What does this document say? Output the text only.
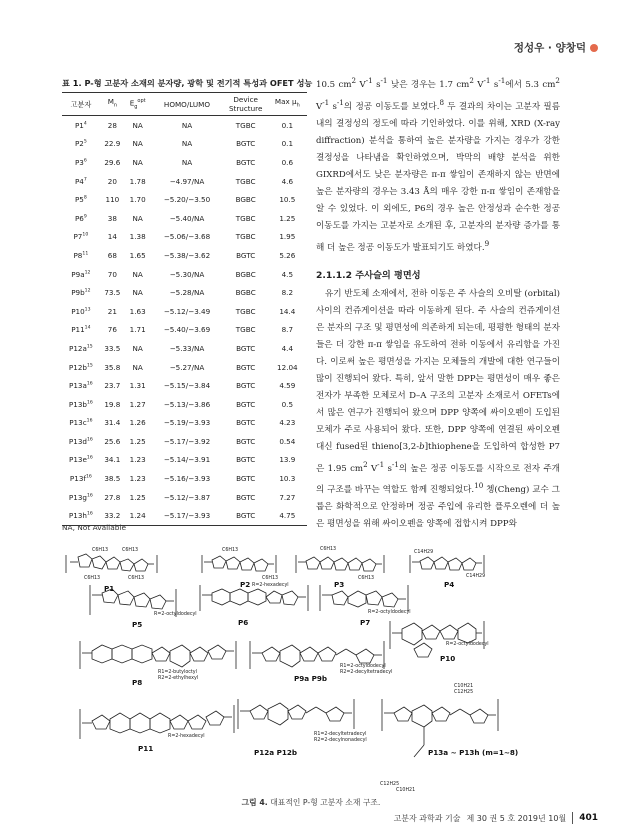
정성우 · 양창덕
표 1. P-형 고분자 소재의 분자량, 광학 및 전기적 특성과 OFET 성능
고분자	$M_n$	$E_g^{opt}$	HOMO/LUMO	Device Structure	Max $\mu_h$
$P1^4$	28	NA	NA	TGBC	0.1
$P2^5$	22.9	NA	NA	BGTC	0.1
$P3^6$	29.6	NA	NA	BGTC	0.6
$P4^7$	20	1.78	−4.97/NA	TGBC	4.6
$P5^8$	110	1.70	−5.20/−3.50	BGBC	10.5
$P6^9$	38	NA	−5.40/NA	TGBC	1.25
$P7^{10}$	14	1.38	−5.06/−3.68	TGBC	1.95
$P8^{11}$	68	1.65	−5.38/−3.62	BGTC	5.26
$P9a^{12}$	70	NA	−5.30/NA	BGBC	4.5
$P9b^{12}$	73.5	NA	−5.28/NA	BGBC	8.2
$P10^{13}$	21	1.63	−5.12/−3.49	TGBC	14.4
$P11^{14}$	76	1.71	−5.40/−3.69	TGBC	8.7
$P12a^{15}$	33.5	NA	−5.33/NA	BGTC	4.4
$P12b^{15}$	35.8	NA	−5.27/NA	BGTC	12.04
$P13a^{16}$	23.7	1.31	−5.15/−3.84	BGTC	4.59
$P13b^{16}$	19.8	1.27	−5.13/−3.86	BGTC	0.5
$P13c^{16}$	31.4	1.26	−5.19/−3.93	BGTC	4.23
$P13d^{16}$	25.6	1.25	−5.17/−3.92	BGTC	0.54
$P13e^{16}$	34.1	1.23	−5.14/−3.91	BGTC	13.9
$P13f^{16}$	38.5	1.23	−5.16/−3.93	BGTC	10.3
$P13g^{16}$	27.8	1.25	−5.12/−3.87	BGTC	7.27
$P13h^{16}$	33.2	1.24	−5.17/−3.93	BGTC	4.75
NA, Not Available

10.5 $cm^2$ $V^{-1}$ $s^{-1}$ 낮은 경우는 1.7 $cm^2$ $V^{-1}$ $s^{-1}$에서 5.3 $cm^2$ $V^{-1}$ $s^{-1}$의 정공 이동도를 보였다.$^8$ 두 결과의 차이는 고분자 필름 내의 결정성의 정도에 따라 기인하였다. 이를 위해, XRD (X-ray diffraction) 분석을 통하여 높은 분자량을 가지는 경우가 강한 결정성을 나타냄을 확인하였으며, 박막의 배향 분석을 위한 GIXRD에서도 낮은 분자량은 π-π 쌓임이 존재하지 않는 반면에 높은 분자량의 경우는 3.43 Å의 매우 강한 π-π 쌓임이 존재함을 알 수 있었다. 이 외에도, P6의 경우 높은 안정성과 순수한 정공 이동도를 가지는 고분자로 소개된 후, 고분자의 분자량 증가를 통해 더 높은 정공 이동도가 발표되기도 하였다.$^9$

2.1.1.2 주사슬의 평면성

유기 반도체 소재에서, 전하 이동은 주 사슬의 오비탈 (orbital) 사이의 컨쥬게이션을 따라 이동하게 된다. 주 사슬의 컨쥬게이션은 분자의 구조 및 평면성에 의존하게 되는데, 평평한 형태의 분자들은 더 강한 π-π 쌓임을 유도하여 전하 이동에서 유리함을 가진다. 이로써 높은 평면성을 가지는 모체들의 개발에 대한 연구들이 많이 진행되어 왔다. 특히, 앞서 말한 DPP는 평면성이 매우 좋은 전자가 부족한 모체로서 D–A 구조의 고분자 소재로서 OFETs에서 많은 연구가 진행되어 왔으며 DPP 양쪽에 싸이오펜이 도입된 모체가 주로 사용되어 왔다. 또한, DPP 양쪽에 연결된 싸이오펜 대신 fused된 thieno[3,2-b]thiophene을 도입하여 합성한 P7은 1.95 $cm^2$ $V^{-1}$ $s^{-1}$의 높은 정공 이동도를 시작으로 전자 주개의 구조를 바꾸는 역할도 함께 진행되었다.$^{10}$ 쳉(Cheng) 교수 그룹은 화학적으로 안정하며 정공 주입에 유리한 플루오렌에 더 높은 평면성을 위해 싸이오펜을 양쪽에 접합시켜 DPP와

C6H13	C6H13
C6H13	C6H13
C6H13
C6H13
C6H13
C6H13
C14H29
C14H29
R=2-octyldodecyl
R=2-hexadecyl
R=2-octyldodecyl
R1=2-butyloctyl
R2=2-ethylhexyl
R1=2-octyldodecyl
R2=2-decyltetradecyl
R=2-octyldodecyl
R=2-hexadecyl	R1=2-decyltetradecyl
R2=2-decylnonadecyl
C10H21
C12H25
C12H25
C10H21
P1	P2	P3	P4
P5	P6	P7
P8	P9a P9b
P10
P11	P12a P12b	P13a ~ P13h (m=1~8)
그림 4. 대표적인 P-형 고분자 소재 구조.
고분자 과학과 기술 제 30 권 5 호 2019년 10월 401
